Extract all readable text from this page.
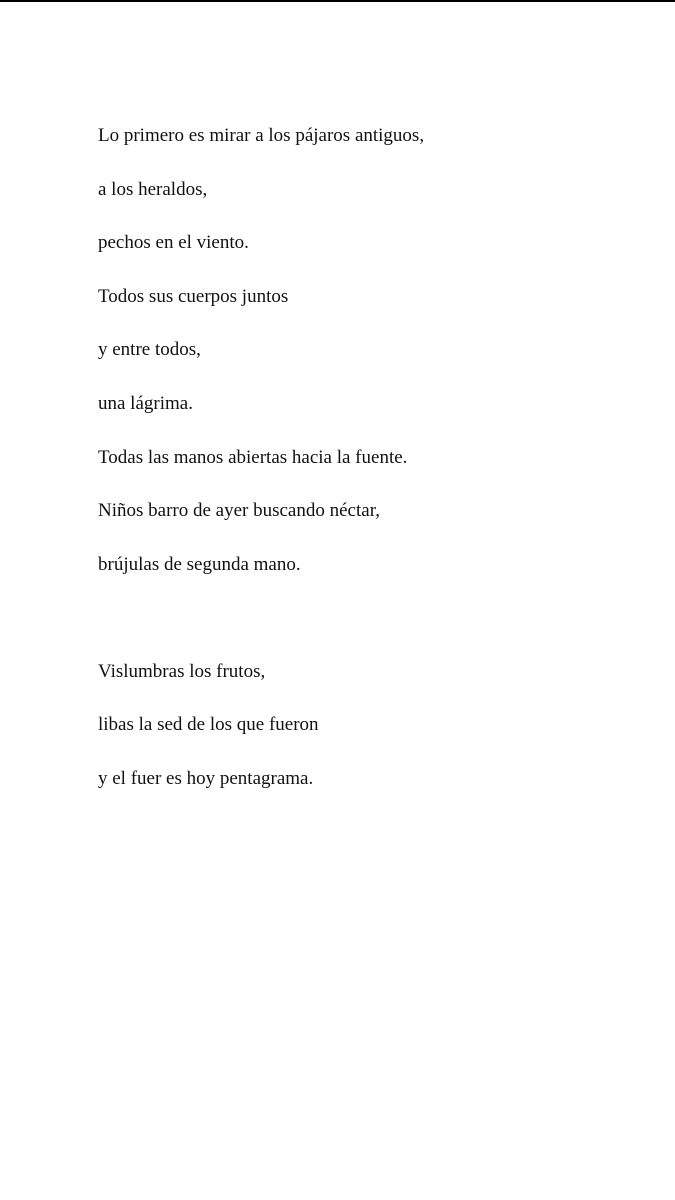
Lo primero es mirar a los pájaros antiguos,
a los heraldos,
pechos en el viento.
Todos sus cuerpos juntos
y entre todos,
una lágrima.
Todas las manos abiertas hacia la fuente.
Niños barro de ayer buscando néctar,
brújulas de segunda mano.
Vislumbras los frutos,
libas la sed de los que fueron
y el fuer es hoy pentagrama.
